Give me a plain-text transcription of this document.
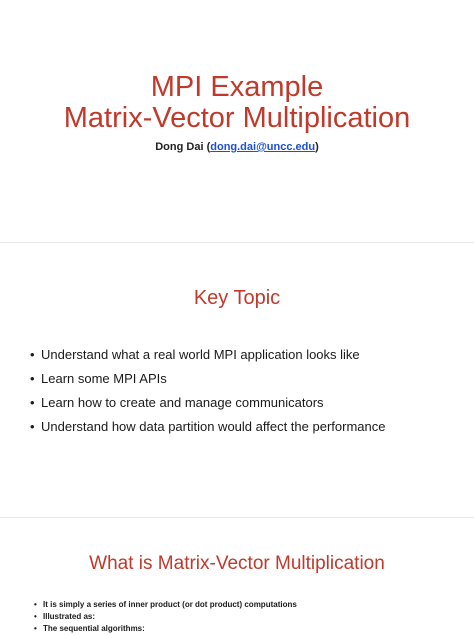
MPI Example
Matrix-Vector Multiplication
Dong Dai (dong.dai@uncc.edu)
Key Topic
• Understand what a real world MPI application looks like
• Learn some MPI APIs
• Learn how to create and manage communicators
• Understand how data partition would affect the performance
What is Matrix-Vector Multiplication
• It is simply a series of inner product (or dot product) computations
• Illustrated as:
• The sequential algorithms:
